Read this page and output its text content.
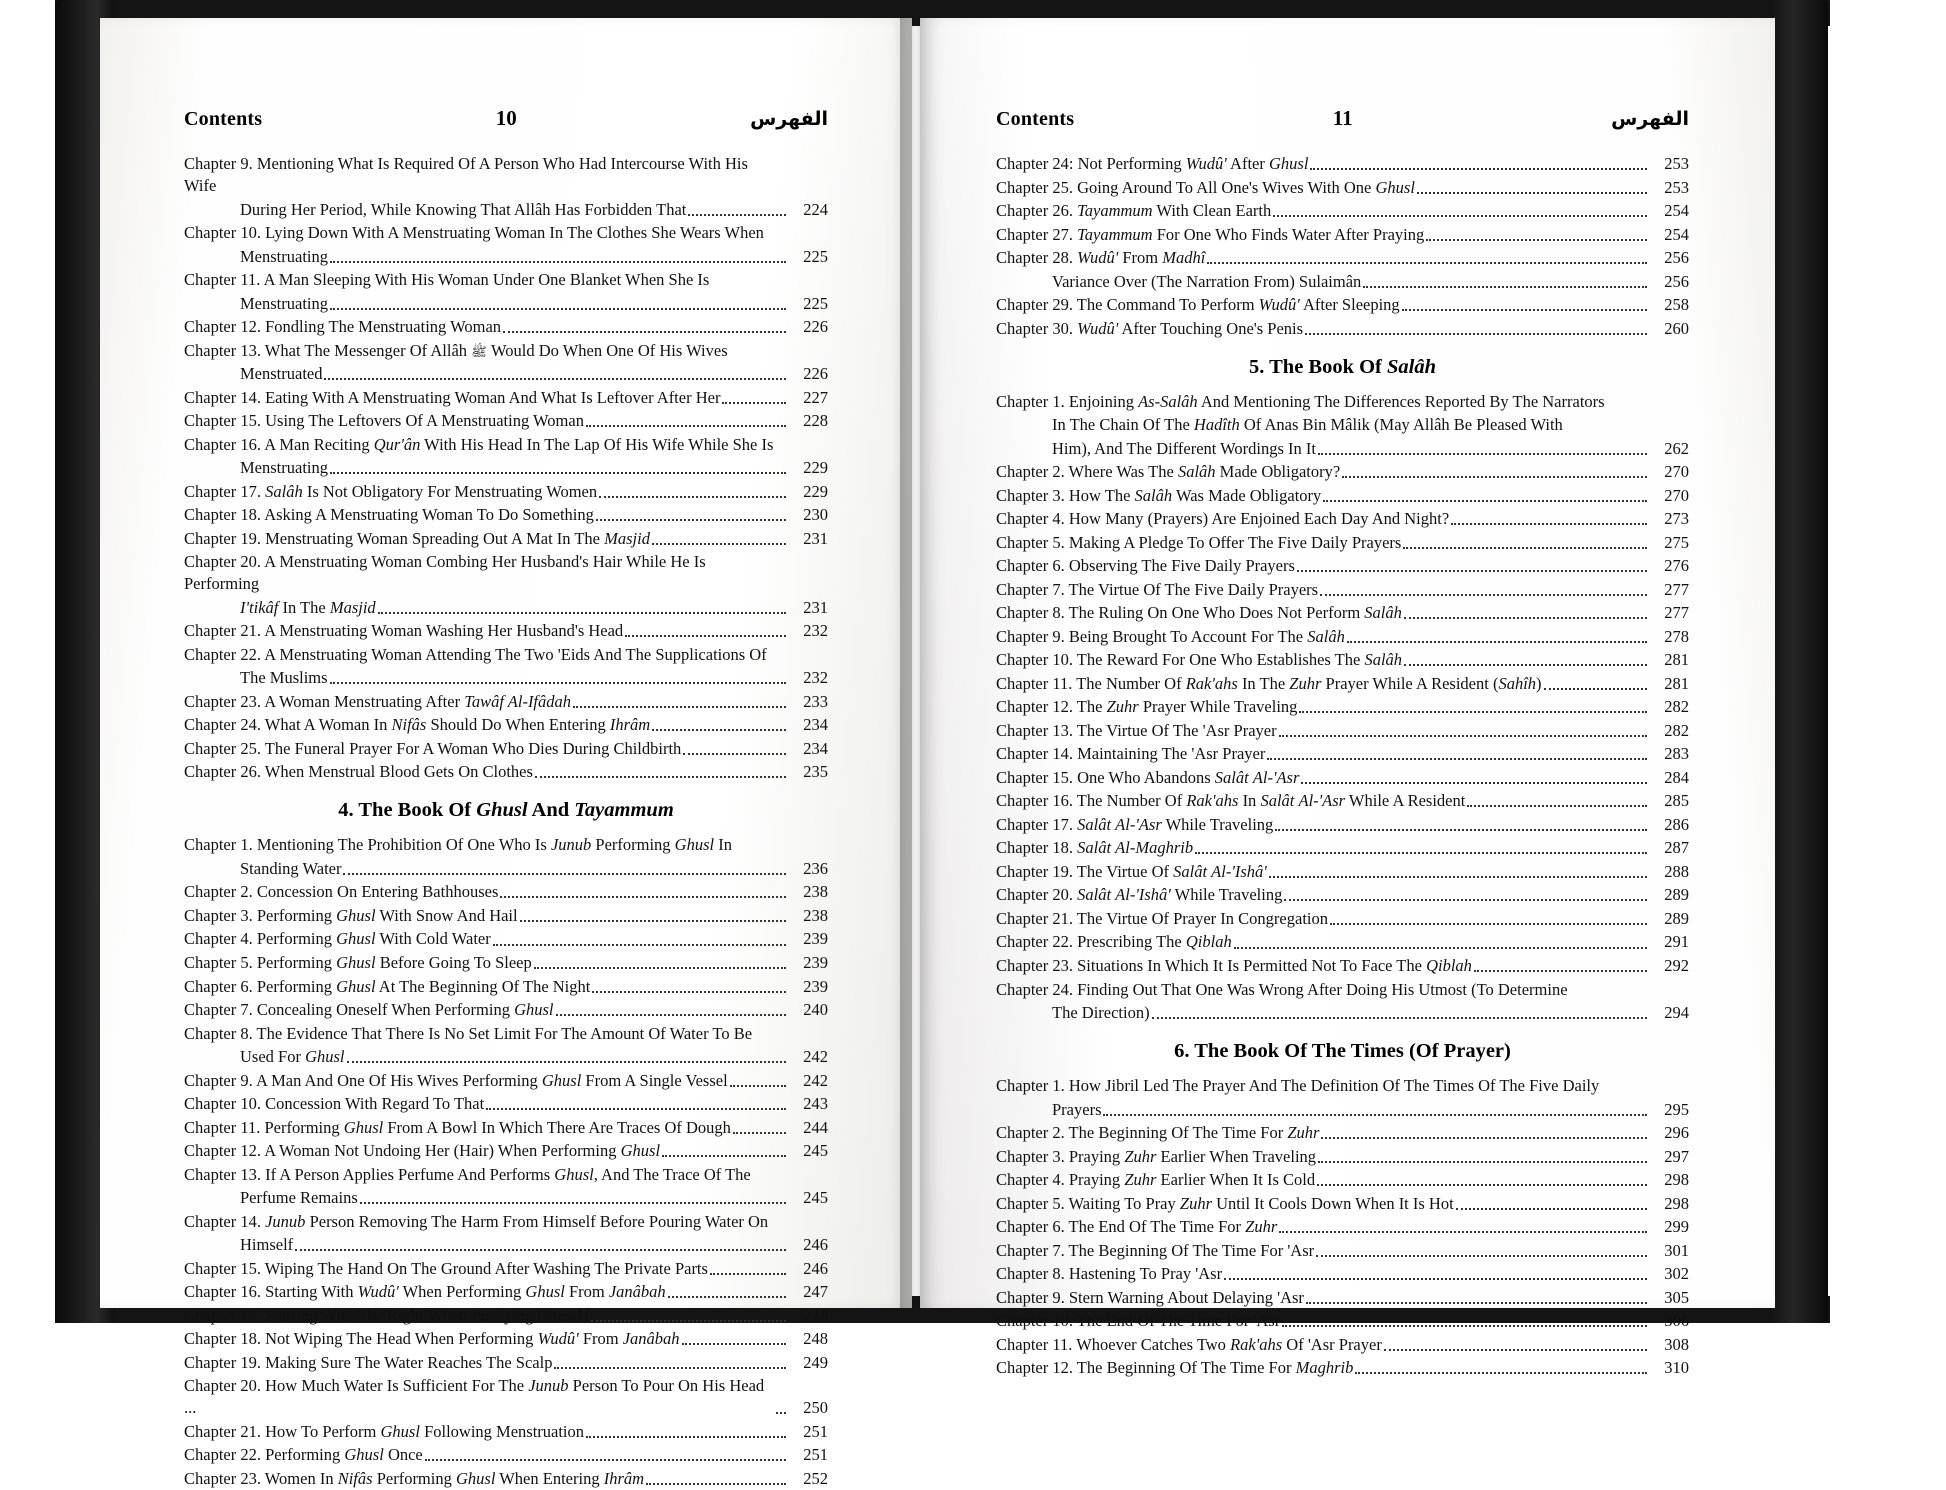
Contents	10	الفهرس
Chapter 9. Mentioning What Is Required Of A Person Who Had Intercourse With His Wife
During Her Period, While Knowing That Allâh Has Forbidden That	224
Chapter 10. Lying Down With A Menstruating Woman In The Clothes She Wears When
Menstruating	225
Chapter 11. A Man Sleeping With His Woman Under One Blanket When She Is
Menstruating	225
Chapter 12. Fondling The Menstruating Woman	226
Chapter 13. What The Messenger Of Allâh ﷺ Would Do When One Of His Wives
Menstruated	226
Chapter 14. Eating With A Menstruating Woman And What Is Leftover After Her	227
Chapter 15. Using The Leftovers Of A Menstruating Woman	228
Chapter 16. A Man Reciting Qur'ân With His Head In The Lap Of His Wife While She Is
Menstruating	229
Chapter 17. Salâh Is Not Obligatory For Menstruating Women	229
Chapter 18. Asking A Menstruating Woman To Do Something	230
Chapter 19. Menstruating Woman Spreading Out A Mat In The Masjid	231
Chapter 20. A Menstruating Woman Combing Her Husband's Hair While He Is Performing
I'tikâf In The Masjid	231
Chapter 21. A Menstruating Woman Washing Her Husband's Head	232
Chapter 22. A Menstruating Woman Attending The Two 'Eids And The Supplications Of
The Muslims	232
Chapter 23. A Woman Menstruating After Tawâf Al-Ifâdah	233
Chapter 24. What A Woman In Nifâs Should Do When Entering Ihrâm	234
Chapter 25. The Funeral Prayer For A Woman Who Dies During Childbirth	234
Chapter 26. When Menstrual Blood Gets On Clothes	235
4. The Book Of Ghusl And Tayammum
Chapter 1. Mentioning The Prohibition Of One Who Is Junub Performing Ghusl In
Standing Water	236
Chapter 2. Concession On Entering Bathhouses	238
Chapter 3. Performing Ghusl With Snow And Hail	238
Chapter 4. Performing Ghusl With Cold Water	239
Chapter 5. Performing Ghusl Before Going To Sleep	239
Chapter 6. Performing Ghusl At The Beginning Of The Night	239
Chapter 7. Concealing Oneself When Performing Ghusl	240
Chapter 8. The Evidence That There Is No Set Limit For The Amount Of Water To Be
Used For Ghusl	242
Chapter 9. A Man And One Of His Wives Performing Ghusl From A Single Vessel	242
Chapter 10. Concession With Regard To That	243
Chapter 11. Performing Ghusl From A Bowl In Which There Are Traces Of Dough	244
Chapter 12. A Woman Not Undoing Her (Hair) When Performing Ghusl	245
Chapter 13. If A Person Applies Perfume And Performs Ghusl, And The Trace Of The
Perfume Remains	245
Chapter 14. Junub Person Removing The Harm From Himself Before Pouring Water On
Himself	246
Chapter 15. Wiping The Hand On The Ground After Washing The Private Parts	246
Chapter 16. Starting With Wudû' When Performing Ghusl From Janâbah	247
Chapter 17. Starting With The Right When Purifying Oneself	248
Chapter 18. Not Wiping The Head When Performing Wudû' From Janâbah	248
Chapter 19. Making Sure The Water Reaches The Scalp	249
Chapter 20. How Much Water Is Sufficient For The Junub Person To Pour On His Head ...	250
Chapter 21. How To Perform Ghusl Following Menstruation	251
Chapter 22. Performing Ghusl Once	251
Chapter 23. Women In Nifâs Performing Ghusl When Entering Ihrâm	252
Contents	11	الفهرس
Chapter 24: Not Performing Wudû' After Ghusl	253
Chapter 25. Going Around To All One's Wives With One Ghusl	253
Chapter 26. Tayammum With Clean Earth	254
Chapter 27. Tayammum For One Who Finds Water After Praying	254
Chapter 28. Wudû' From Madhî	256
Variance Over (The Narration From) Sulaimân	256
Chapter 29. The Command To Perform Wudû' After Sleeping	258
Chapter 30. Wudû' After Touching One's Penis	260
5. The Book Of Salâh
Chapter 1. Enjoining As-Salâh And Mentioning The Differences Reported By The Narrators
In The Chain Of The Hadîth Of Anas Bin Mâlik (May Allâh Be Pleased With
Him), And The Different Wordings In It	262
Chapter 2. Where Was The Salâh Made Obligatory?	270
Chapter 3. How The Salâh Was Made Obligatory	270
Chapter 4. How Many (Prayers) Are Enjoined Each Day And Night?	273
Chapter 5. Making A Pledge To Offer The Five Daily Prayers	275
Chapter 6. Observing The Five Daily Prayers	276
Chapter 7. The Virtue Of The Five Daily Prayers	277
Chapter 8. The Ruling On One Who Does Not Perform Salâh	277
Chapter 9. Being Brought To Account For The Salâh	278
Chapter 10. The Reward For One Who Establishes The Salâh	281
Chapter 11. The Number Of Rak'ahs In The Zuhr Prayer While A Resident (Sahîh)	281
Chapter 12. The Zuhr Prayer While Traveling	282
Chapter 13. The Virtue Of The 'Asr Prayer	282
Chapter 14. Maintaining The 'Asr Prayer	283
Chapter 15. One Who Abandons Salât Al-'Asr	284
Chapter 16. The Number Of Rak'ahs In Salât Al-'Asr While A Resident	285
Chapter 17. Salât Al-'Asr While Traveling	286
Chapter 18. Salât Al-Maghrib	287
Chapter 19. The Virtue Of Salât Al-'Ishâ'	288
Chapter 20. Salât Al-'Ishâ' While Traveling	289
Chapter 21. The Virtue Of Prayer In Congregation	289
Chapter 22. Prescribing The Qiblah	291
Chapter 23. Situations In Which It Is Permitted Not To Face The Qiblah	292
Chapter 24. Finding Out That One Was Wrong After Doing His Utmost (To Determine
The Direction)	294
6. The Book Of The Times (Of Prayer)
Chapter 1. How Jibril Led The Prayer And The Definition Of The Times Of The Five Daily
Prayers	295
Chapter 2. The Beginning Of The Time For Zuhr	296
Chapter 3. Praying Zuhr Earlier When Traveling	297
Chapter 4. Praying Zuhr Earlier When It Is Cold	298
Chapter 5. Waiting To Pray Zuhr Until It Cools Down When It Is Hot	298
Chapter 6. The End Of The Time For Zuhr	299
Chapter 7. The Beginning Of The Time For 'Asr	301
Chapter 8. Hastening To Pray 'Asr	302
Chapter 9. Stern Warning About Delaying 'Asr	305
Chapter 10. The End Of The Time For 'Asr	306
Chapter 11. Whoever Catches Two Rak'ahs Of 'Asr Prayer	308
Chapter 12. The Beginning Of The Time For Maghrib	310
